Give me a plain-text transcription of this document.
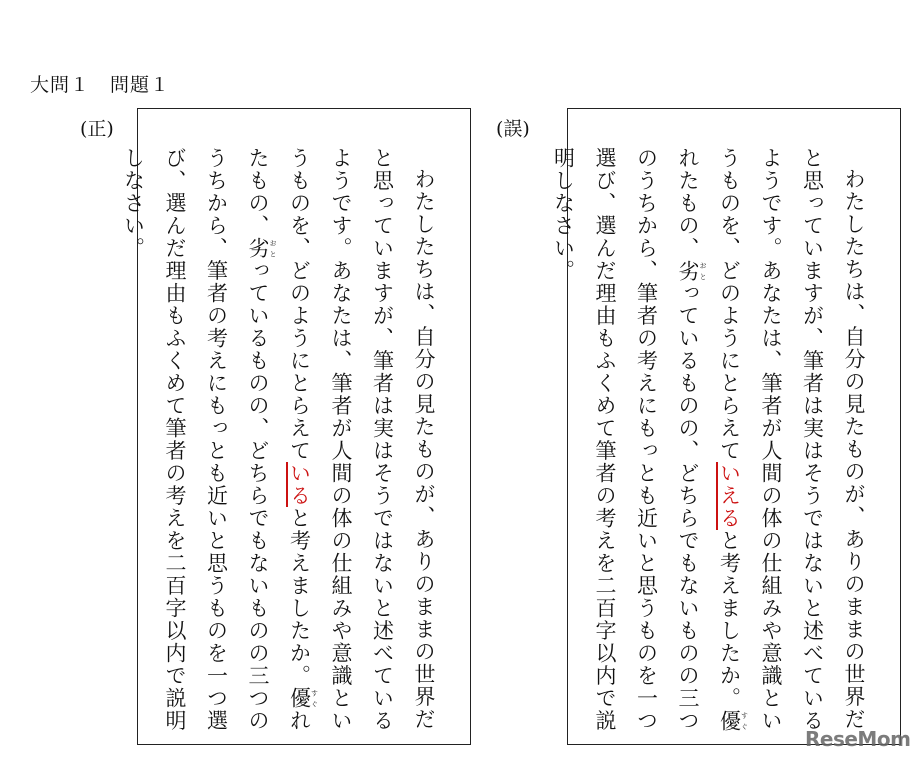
大問１　問題１
(正)
わたしたちは、自分の見たものが、ありのままの世界だと思っていますが、筆者は実はそうではないと述べているようです。あなたは、筆者が人間の体の仕組みや意識というものを、どのようにとらえていると考えましたか。優 すぐれたもの、劣 おとっているものの、どちらでもないものの三つのうちから、筆者の考えにもっとも近いと思うものを一つ選び、選んだ理由もふくめて筆者の考えを二百字以内で説明しなさい。
(誤)
わたしたちは、自分の見たものが、ありのままの世界だと思っていますが、筆者は実はそうではないと述べているようです。あなたは、筆者が人間の体の仕組みや意識というものを、どのようにとらえていえると考えましたか。優 すぐれたもの、劣 おとっているものの、どちらでもないものの三つのうちから、筆者の考えにもっとも近いと思うものを一つ選び、選んだ理由もふくめて筆者の考えを二百字以内で説明しなさい。
ReseMom
